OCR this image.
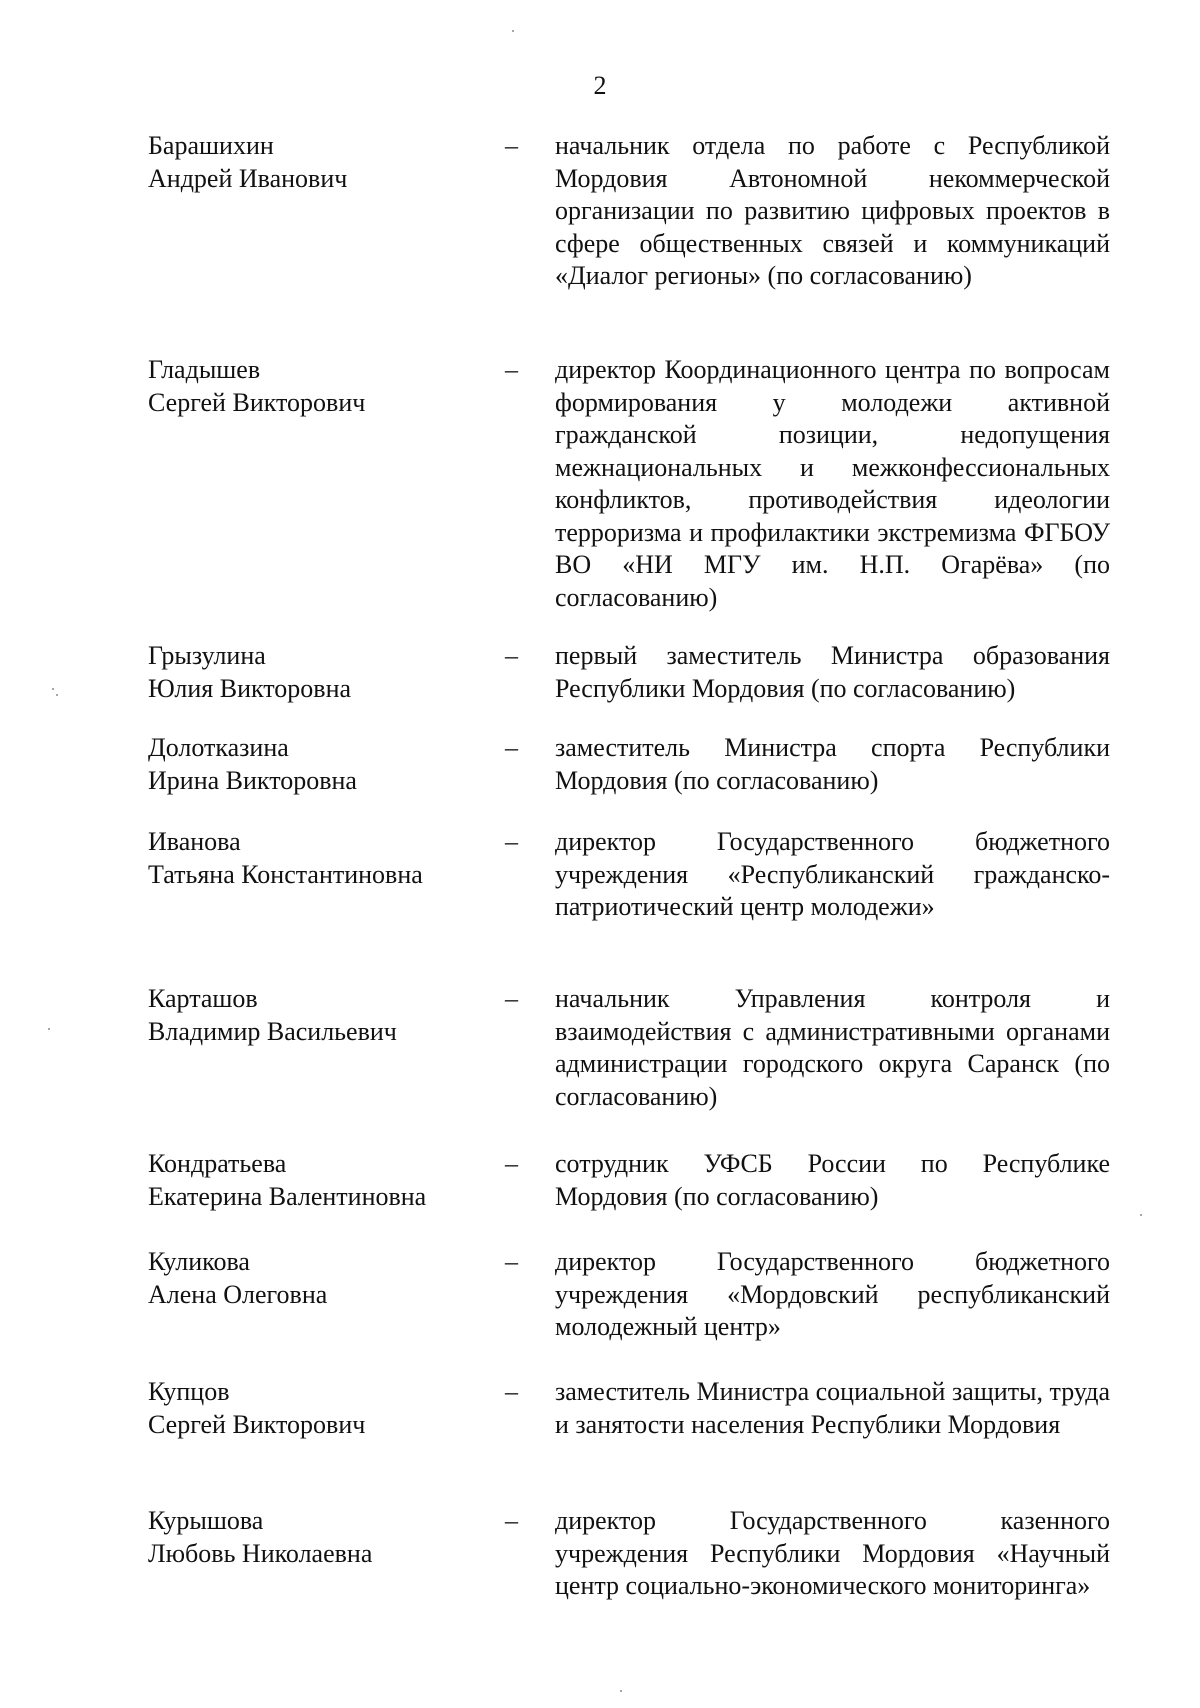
2
Барашихин
Андрей Иванович
–	начальник отдела по работе с Республикой Мордовия Автономной некоммерческой организации по развитию цифровых проектов в сфере общественных связей и коммуникаций «Диалог регионы» (по согласованию)
Гладышев
Сергей Викторович
–	директор Координационного центра по вопросам формирования у молодежи активной гражданской позиции, недопущения межнациональных и межконфессиональных конфликтов, противодействия идеологии терроризма и профилактики экстремизма ФГБОУ ВО «НИ МГУ им. Н.П. Огарёва» (по согласованию)
Грызулина
Юлия Викторовна
–	первый заместитель Министра образования Республики Мордовия (по согласованию)
Долотказина
Ирина Викторовна
–	заместитель Министра спорта Республики Мордовия (по согласованию)
Иванова
Татьяна Константиновна
–	директор Государственного бюджетного учреждения «Республиканский гражданско-патриотический центр молодежи»
Карташов
Владимир Васильевич
–	начальник Управления контроля и взаимодействия с административными органами администрации городского округа Саранск (по согласованию)
Кондратьева
Екатерина Валентиновна
–	сотрудник УФСБ России по Республике Мордовия (по согласованию)
Куликова
Алена Олеговна
–	директор Государственного бюджетного учреждения «Мордовский республиканский молодежный центр»
Купцов
Сергей Викторович
–	заместитель Министра социальной защиты, труда и занятости населения Республики Мордовия
Курышова
Любовь Николаевна
–	директор Государственного казенного учреждения Республики Мордовия «Научный центр социально-экономического мониторинга»
